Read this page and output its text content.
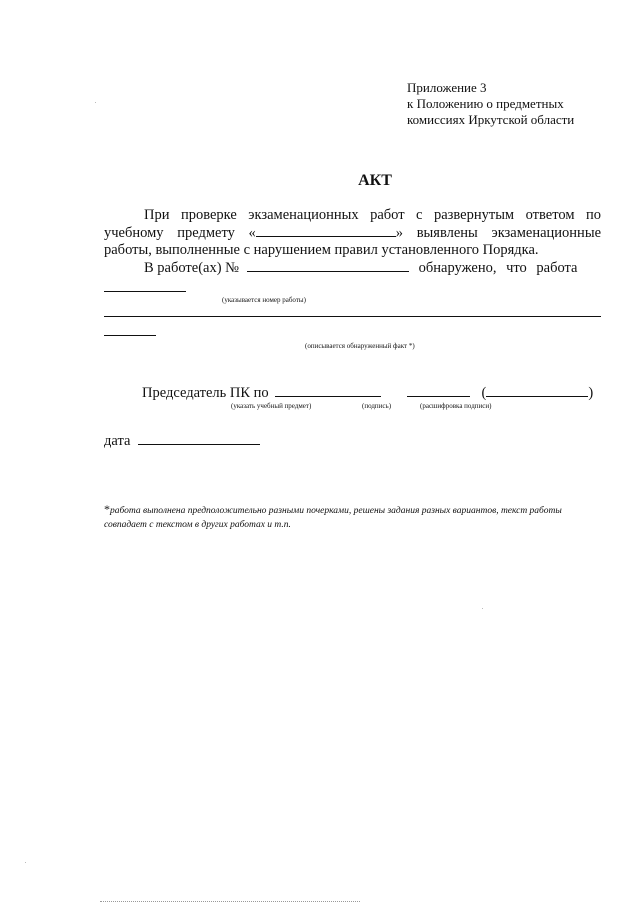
Приложение 3
к Положению о предметных
комиссиях Иркутской области
АКТ
При проверке экзаменационных работ с развернутым ответом по учебному предмету «	» выявлены экзаменационные работы, выполненные с нарушением правил установленного Порядка.
В работе(ах) №	обнаружено, что работа
(указывается номер работы)
(описывается обнаруженный факт *)
Председатель ПК по	(	)
(указать учебный предмет)	(подпись)	(расшифровка подписи)
дата
*работа выполнена предположительно разными почерками, решены задания разных вариантов, текст работы совпадает с текстом в других работах и т.п.
